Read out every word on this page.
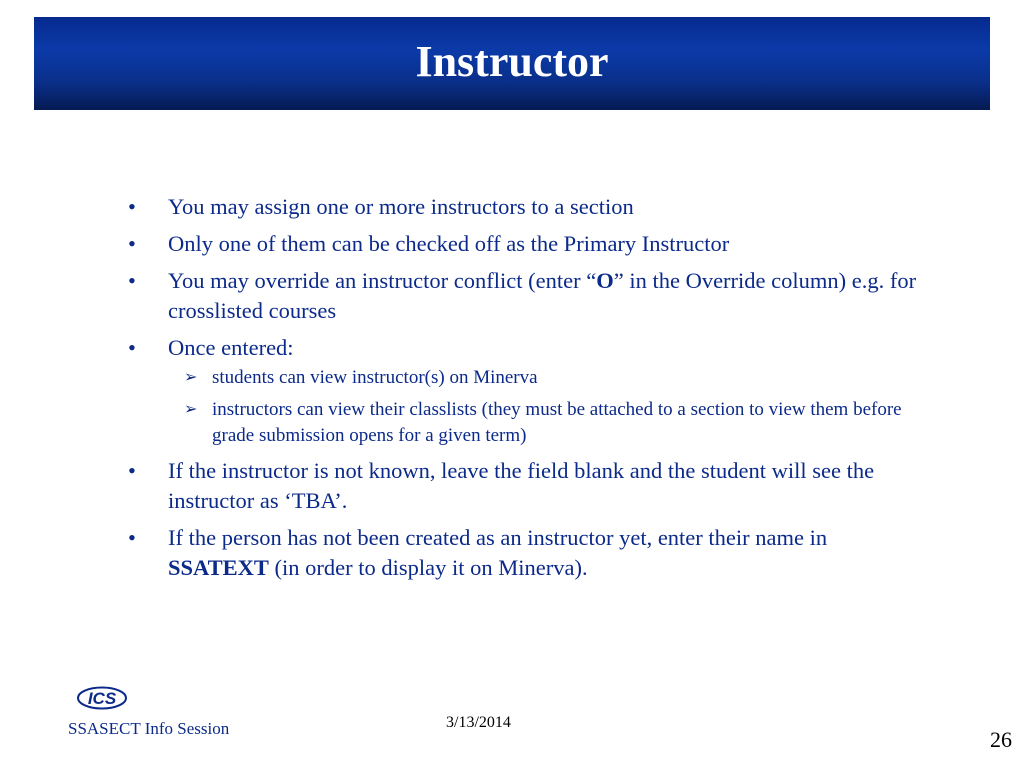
Instructor
•	You may assign one or more instructors to a section
•	Only one of them can be checked off as the Primary Instructor
•	You may override an instructor conflict (enter “O” in the Override column) e.g. for crosslisted courses
•	Once entered:
➢ students can view instructor(s) on Minerva
➢ instructors can view their classlists (they must be attached to a section to view them before grade submission opens for a given term)
•	If the instructor is not known, leave the field blank and the student will see the instructor as ‘TBA’.
•	If the person has not been created as an instructor yet, enter their name in SSATEXT (in order to display it on Minerva).
ICS
SSASECT Info Session	3/13/2014
26
